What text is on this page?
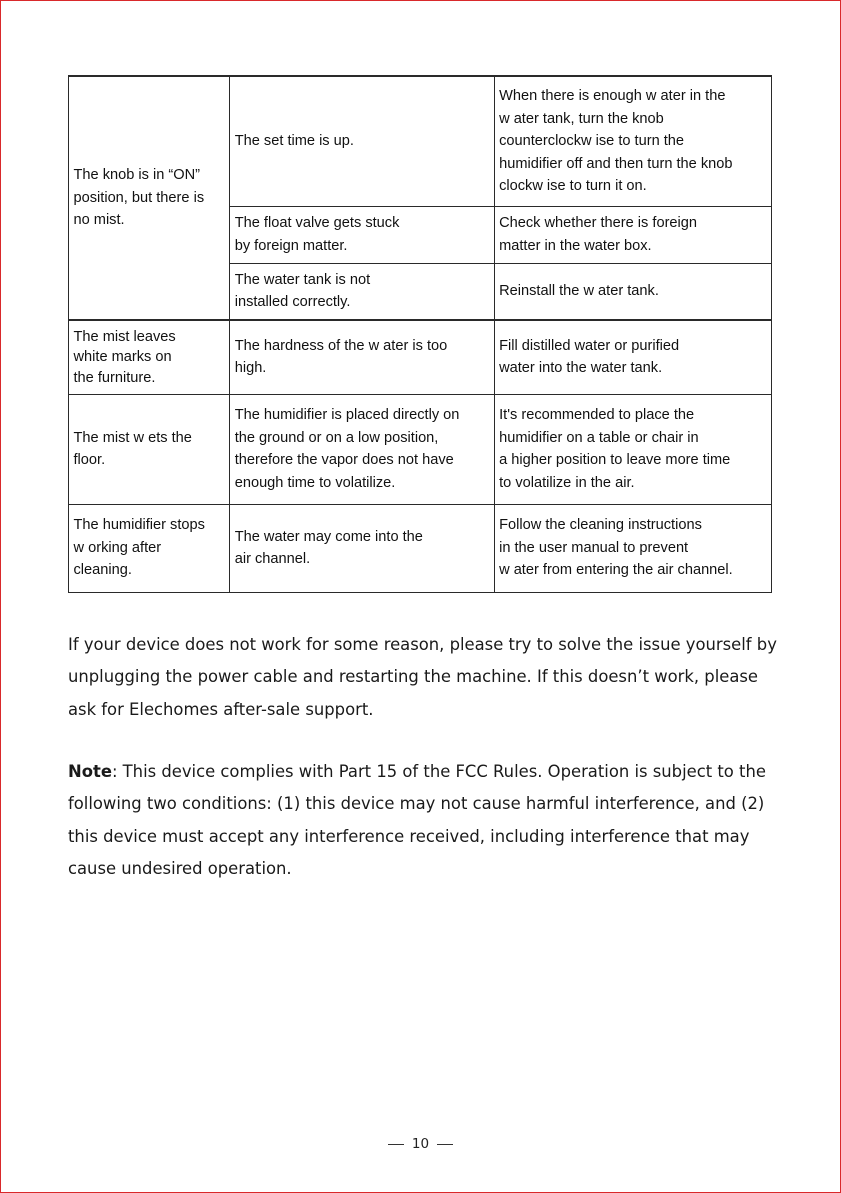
The knob is in “ON”
position, but there is
no mist.	The set time is up.	When there is enough w ater in the
w ater tank, turn the knob
counterclockw ise to turn the
humidifier off and then turn the knob
clockw ise to turn it on.

	The float valve gets stuck
by foreign matter.	Check whether there is foreign
matter in the water box.

	The water tank is not
installed correctly.	Reinstall the w ater tank.

The mist leaves
white marks on
the furniture.	The hardness of the w ater is too
high.	Fill distilled water or purified
water into the water tank.

The mist w ets the
floor.	The humidifier is placed directly on
the ground or on a low position,
therefore the vapor does not have
enough time to volatilize.	It's recommended to place the
humidifier on a table or chair in
a higher position to leave more time
to volatilize in the air.

The humidifier stops
w orking after
cleaning.	The water may come into the
air channel.	Follow the cleaning instructions
in the user manual to prevent
w ater from entering the air channel.

If your device does not work for some reason, please try to solve the issue yourself by
unplugging the power cable and restarting the machine. If this doesn’t work, please
ask for Elechomes after-sale support.

Note: This device complies with Part 15 of the FCC Rules. Operation is subject to the
following two conditions: (1) this device may not cause harmful interference, and (2)
this device must accept any interference received, including interference that may
cause undesired operation.

10
